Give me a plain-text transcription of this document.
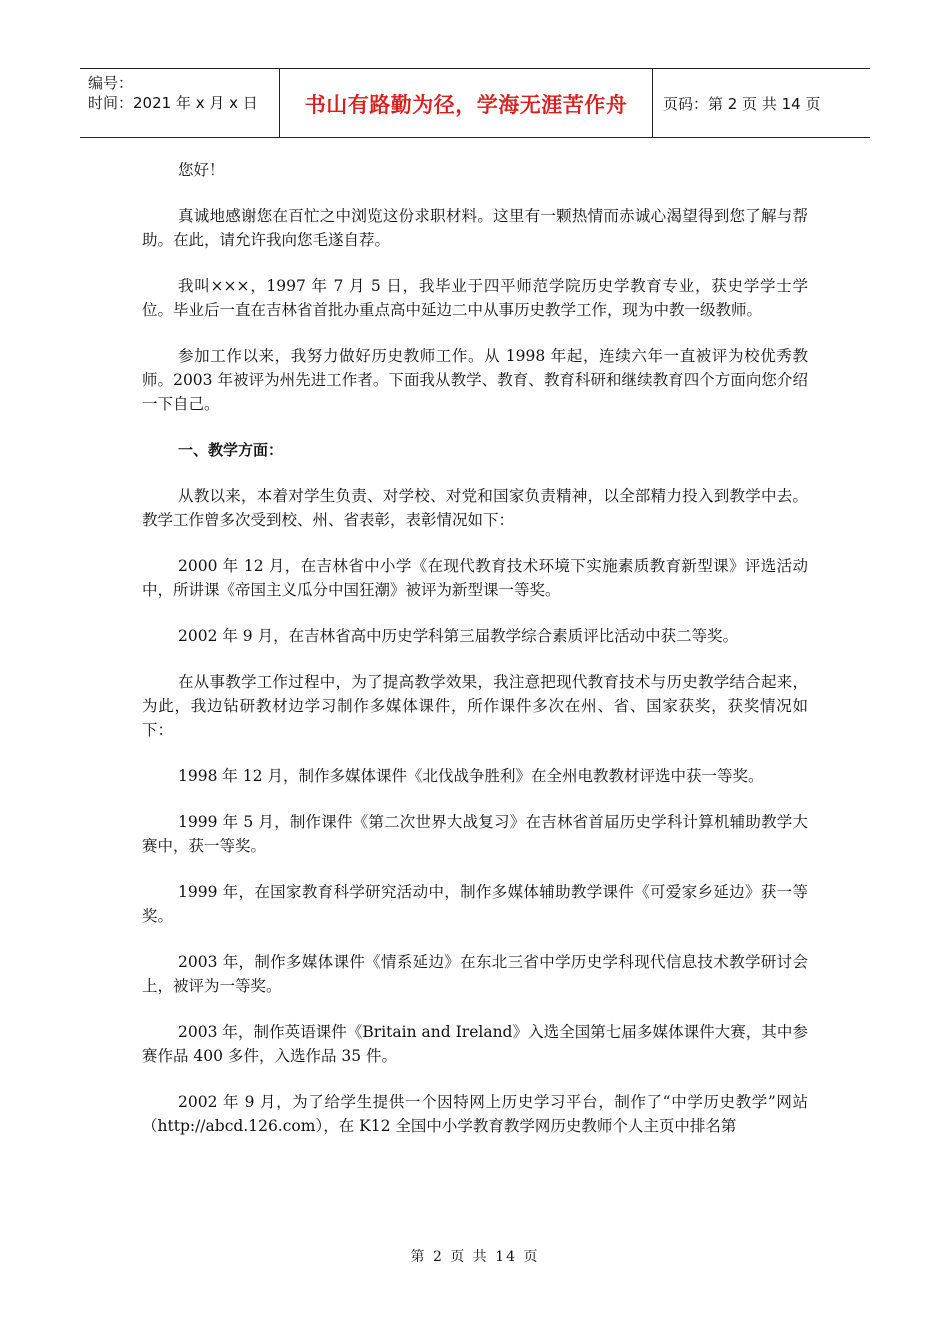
编号：
时间：2021 年 x 月 x 日	书山有路勤为径，学海无涯苦作舟	页码：第 2 页 共 14 页

您好！

真诚地感谢您在百忙之中浏览这份求职材料。这里有一颗热情而赤诚心渴望得到您了解与帮助。在此，请允许我向您毛遂自荐。

我叫×××，1997 年 7 月 5 日，我毕业于四平师范学院历史学教育专业，获史学学士学位。毕业后一直在吉林省首批办重点高中延边二中从事历史教学工作，现为中教一级教师。

参加工作以来，我努力做好历史教师工作。从 1998 年起，连续六年一直被评为校优秀教师。2003 年被评为州先进工作者。下面我从教学、教育、教育科研和继续教育四个方面向您介绍一下自己。

一、教学方面：

从教以来，本着对学生负责、对学校、对党和国家负责精神，以全部精力投入到教学中去。教学工作曾多次受到校、州、省表彰，表彰情况如下：

2000 年 12 月，在吉林省中小学《在现代教育技术环境下实施素质教育新型课》评选活动中，所讲课《帝国主义瓜分中国狂潮》被评为新型课一等奖。

2002 年 9 月，在吉林省高中历史学科第三届教学综合素质评比活动中获二等奖。

在从事教学工作过程中，为了提高教学效果，我注意把现代教育技术与历史教学结合起来，为此，我边钻研教材边学习制作多媒体课件，所作课件多次在州、省、国家获奖，获奖情况如下：

1998 年 12 月，制作多媒体课件《北伐战争胜利》在全州电教教材评选中获一等奖。

1999 年 5 月，制作课件《第二次世界大战复习》在吉林省首届历史学科计算机辅助教学大赛中，获一等奖。

1999 年，在国家教育科学研究活动中，制作多媒体辅助教学课件《可爱家乡延边》获一等奖。

2003 年，制作多媒体课件《情系延边》在东北三省中学历史学科现代信息技术教学研讨会上，被评为一等奖。

2003 年，制作英语课件《Britain and Ireland》入选全国第七届多媒体课件大赛，其中参赛作品 400 多件，入选作品 35 件。

2002 年 9 月，为了给学生提供一个因特网上历史学习平台，制作了“中学历史教学”网站（http://abcd.126.com），在 K12 全国中小学教育教学网历史教师个人主页中排名第

第 2 页 共 14 页
